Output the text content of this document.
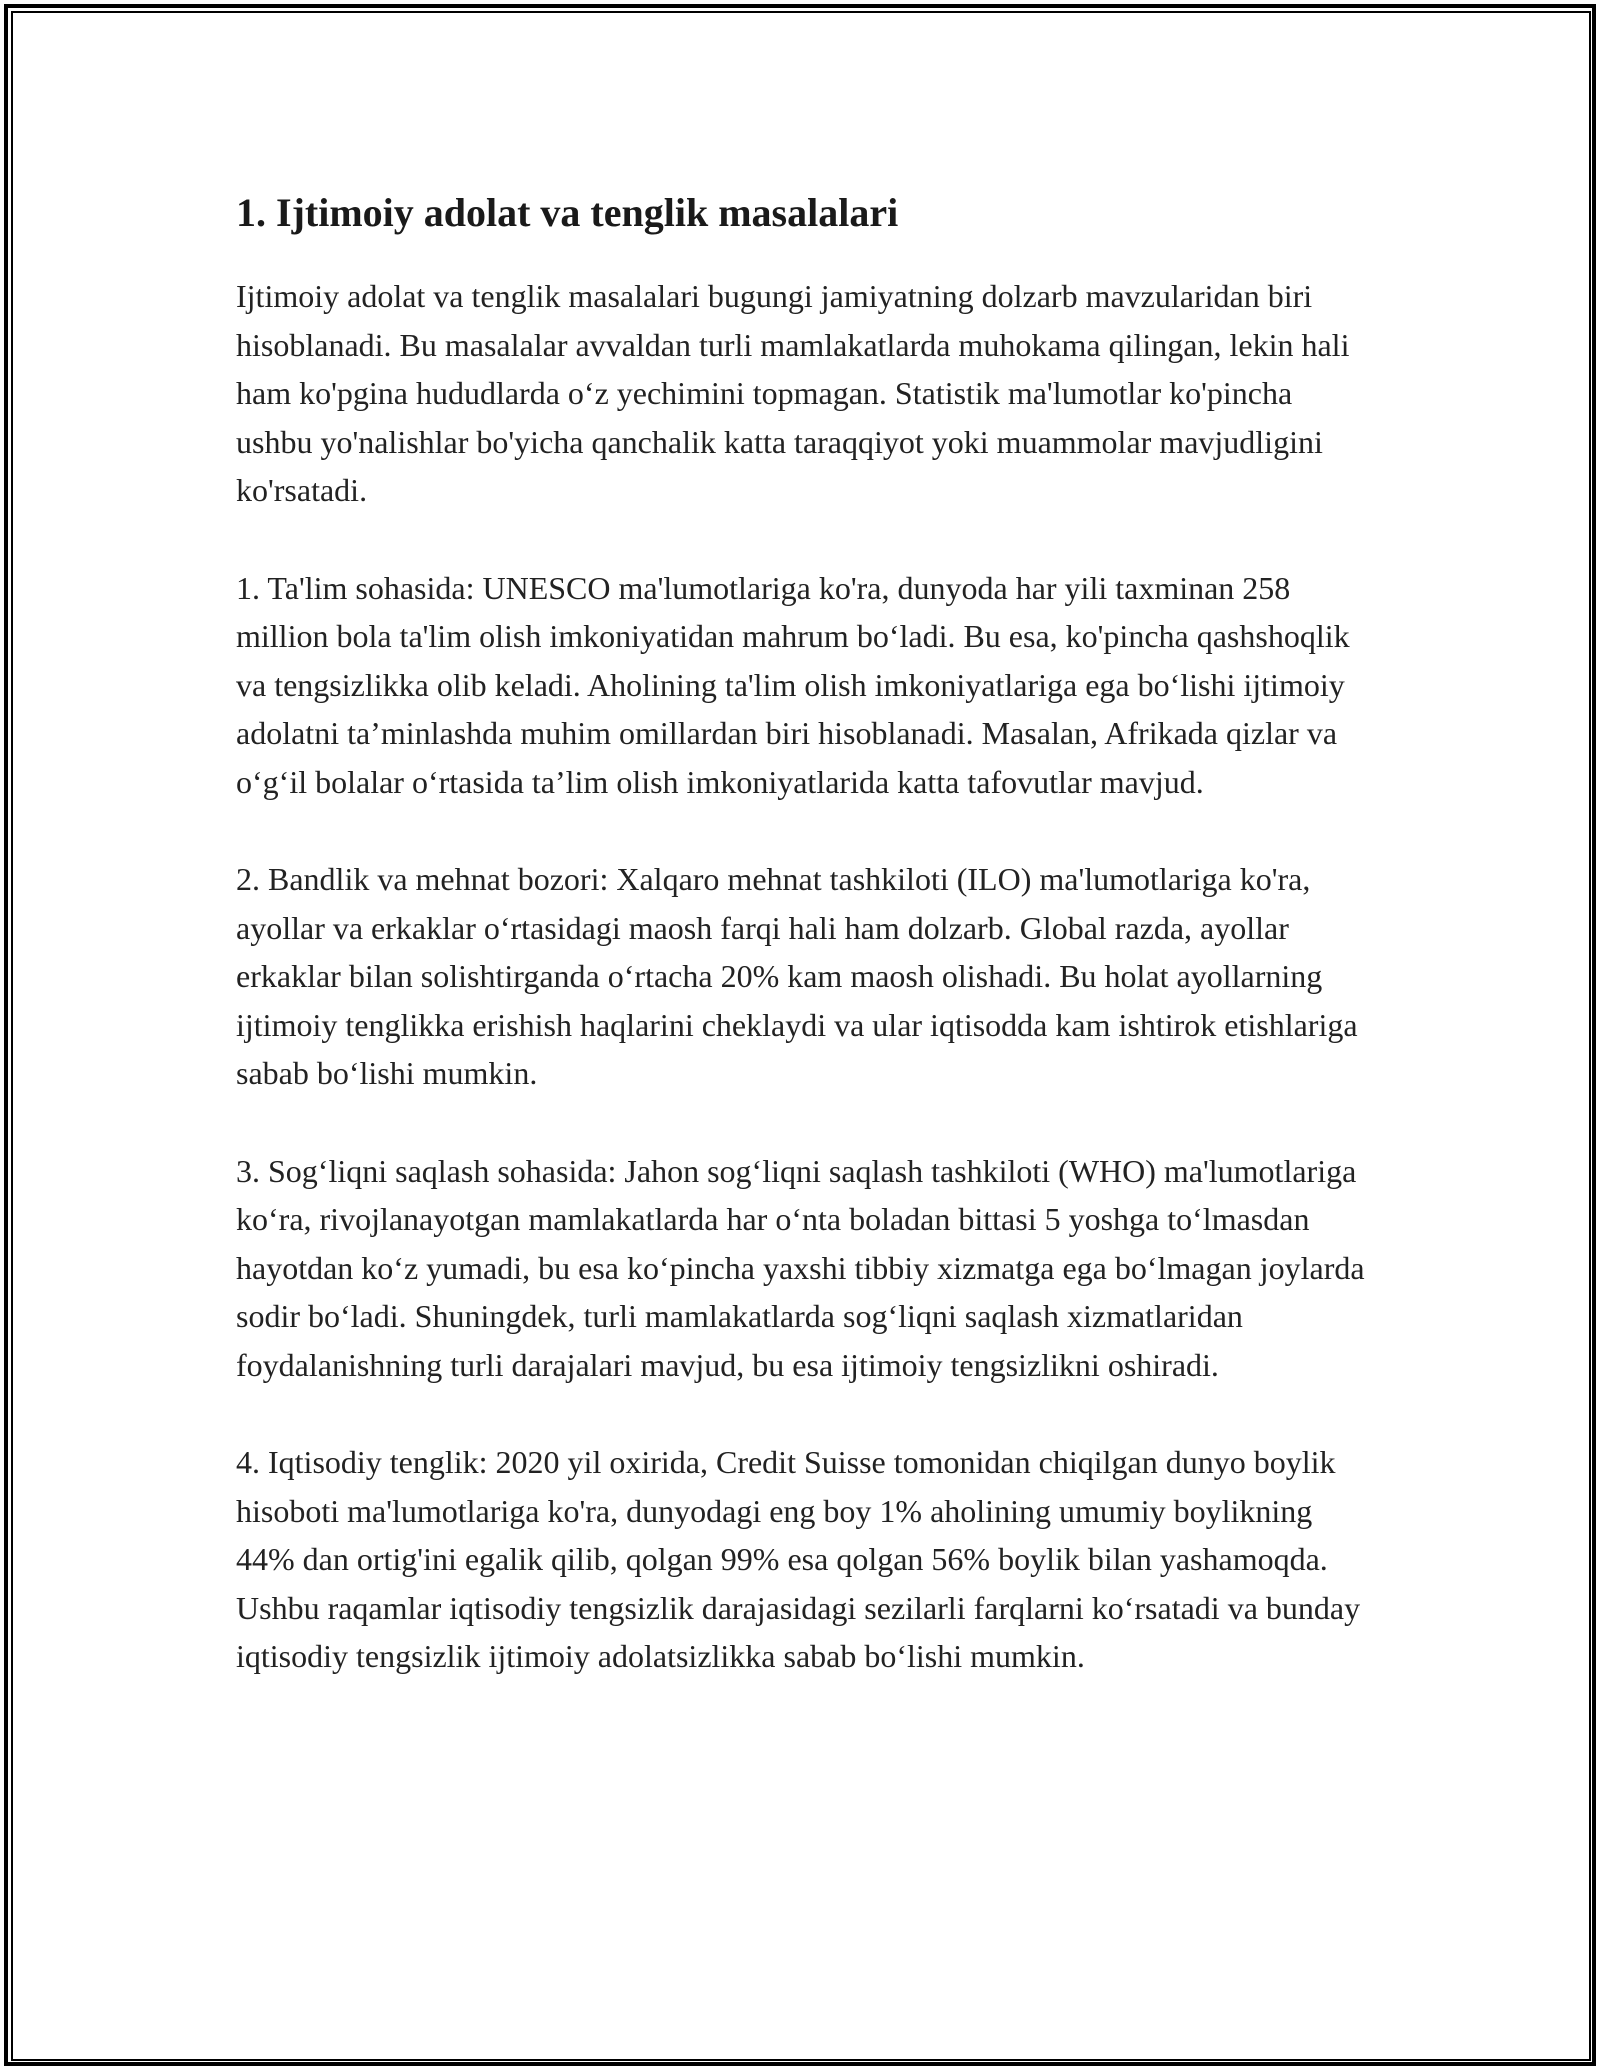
1. Ijtimoiy adolat va tenglik masalalari

Ijtimoiy adolat va tenglik masalalari bugungi jamiyatning dolzarb mavzularidan biri hisoblanadi. Bu masalalar avvaldan turli mamlakatlarda muhokama qilingan, lekin hali ham ko'pgina hududlarda o‘z yechimini topmagan. Statistik ma'lumotlar ko'pincha ushbu yo'nalishlar bo'yicha qanchalik katta taraqqiyot yoki muammolar mavjudligini ko'rsatadi.

1. Ta'lim sohasida: UNESCO ma'lumotlariga ko'ra, dunyoda har yili taxminan 258 million bola ta'lim olish imkoniyatidan mahrum bo‘ladi. Bu esa, ko'pincha qashshoqlik va tengsizlikka olib keladi. Aholining ta'lim olish imkoniyatlariga ega bo‘lishi ijtimoiy adolatni ta’minlashda muhim omillardan biri hisoblanadi. Masalan, Afrikada qizlar va o‘g‘il bolalar o‘rtasida ta’lim olish imkoniyatlarida katta tafovutlar mavjud.

2. Bandlik va mehnat bozori: Xalqaro mehnat tashkiloti (ILO) ma'lumotlariga ko'ra, ayollar va erkaklar o‘rtasidagi maosh farqi hali ham dolzarb. Global razda, ayollar erkaklar bilan solishtirganda o‘rtacha 20% kam maosh olishadi. Bu holat ayollarning ijtimoiy tenglikka erishish haqlarini cheklaydi va ular iqtisodda kam ishtirok etishlariga sabab bo‘lishi mumkin.

3. Sog‘liqni saqlash sohasida: Jahon sog‘liqni saqlash tashkiloti (WHO) ma'lumotlariga ko‘ra, rivojlanayotgan mamlakatlarda har o‘nta boladan bittasi 5 yoshga to‘lmasdan hayotdan ko‘z yumadi, bu esa ko‘pincha yaxshi tibbiy xizmatga ega bo‘lmagan joylarda sodir bo‘ladi. Shuningdek, turli mamlakatlarda sog‘liqni saqlash xizmatlaridan foydalanishning turli darajalari mavjud, bu esa ijtimoiy tengsizlikni oshiradi.

4. Iqtisodiy tenglik: 2020 yil oxirida, Credit Suisse tomonidan chiqilgan dunyo boylik hisoboti ma'lumotlariga ko'ra, dunyodagi eng boy 1% aholining umumiy boylikning 44% dan ortig'ini egalik qilib, qolgan 99% esa qolgan 56% boylik bilan yashamoqda. Ushbu raqamlar iqtisodiy tengsizlik darajasidagi sezilarli farqlarni ko‘rsatadi va bunday iqtisodiy tengsizlik ijtimoiy adolatsizlikka sabab bo‘lishi mumkin.
